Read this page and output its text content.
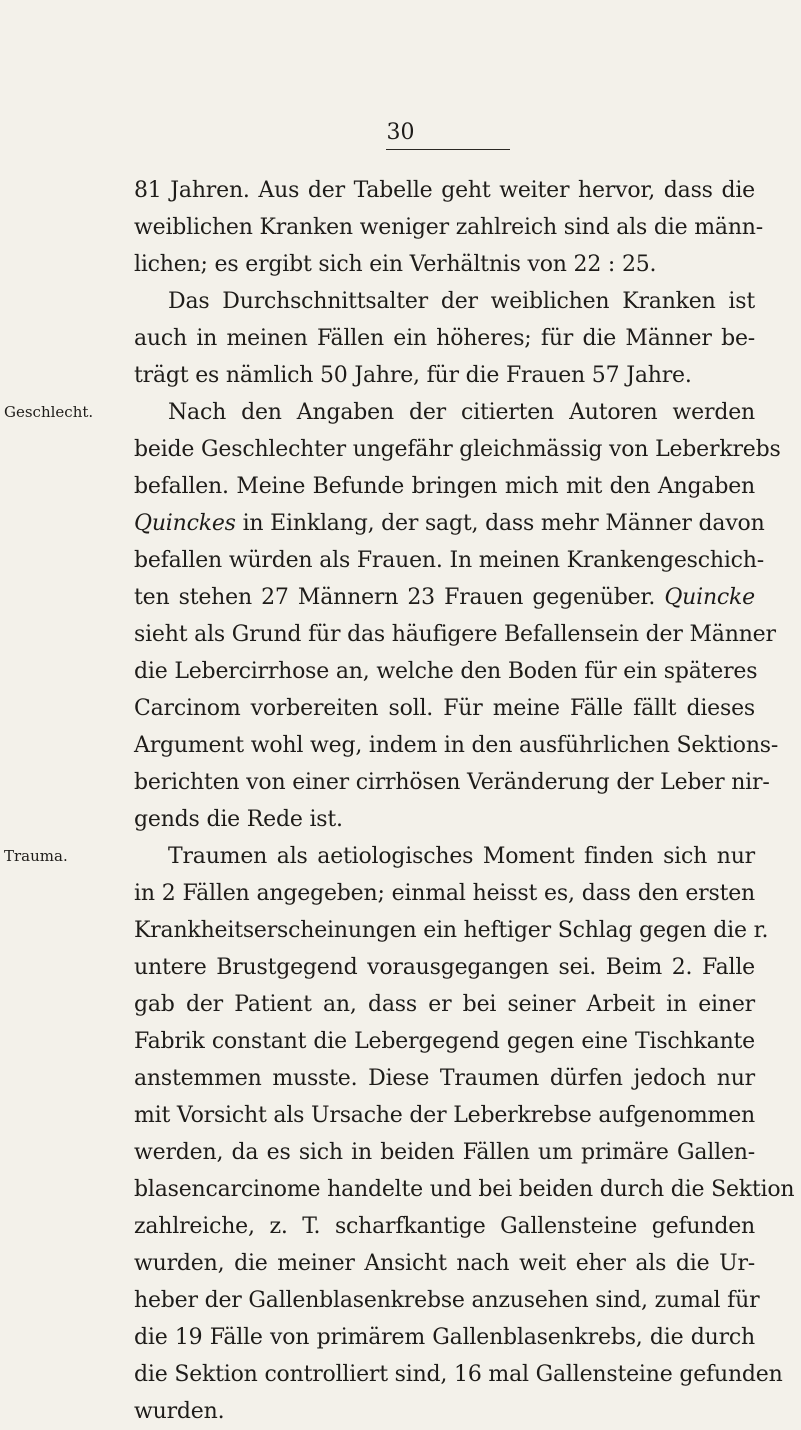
30
Geschlecht.
Trauma.
81 Jahren. Aus der Tabelle geht weiter hervor, dass die
weiblichen Kranken weniger zahlreich sind als die männ-
lichen; es ergibt sich ein Verhältnis von 22 : 25.
Das Durchschnittsalter der weiblichen Kranken ist
auch in meinen Fällen ein höheres; für die Männer be-
trägt es nämlich 50 Jahre, für die Frauen 57 Jahre.
Nach den Angaben der citierten Autoren werden
beide Geschlechter ungefähr gleichmässig von Leberkrebs
befallen. Meine Befunde bringen mich mit den Angaben
Quinckes in Einklang, der sagt, dass mehr Männer davon
befallen würden als Frauen. In meinen Krankengeschich-
ten stehen 27 Männern 23 Frauen gegenüber. Quincke
sieht als Grund für das häufigere Befallensein der Männer
die Lebercirrhose an, welche den Boden für ein späteres
Carcinom vorbereiten soll. Für meine Fälle fällt dieses
Argument wohl weg, indem in den ausführlichen Sektions-
berichten von einer cirrhösen Veränderung der Leber nir-
gends die Rede ist.
Traumen als aetiologisches Moment finden sich nur
in 2 Fällen angegeben; einmal heisst es, dass den ersten
Krankheitserscheinungen ein heftiger Schlag gegen die r.
untere Brustgegend vorausgegangen sei. Beim 2. Falle
gab der Patient an, dass er bei seiner Arbeit in einer
Fabrik constant die Lebergegend gegen eine Tischkante
anstemmen musste. Diese Traumen dürfen jedoch nur
mit Vorsicht als Ursache der Leberkrebse aufgenommen
werden, da es sich in beiden Fällen um primäre Gallen-
blasencarcinome handelte und bei beiden durch die Sektion
zahlreiche, z. T. scharfkantige Gallensteine gefunden
wurden, die meiner Ansicht nach weit eher als die Ur-
heber der Gallenblasenkrebse anzusehen sind, zumal für
die 19 Fälle von primärem Gallenblasenkrebs, die durch
die Sektion controlliert sind, 16 mal Gallensteine gefunden
wurden.
